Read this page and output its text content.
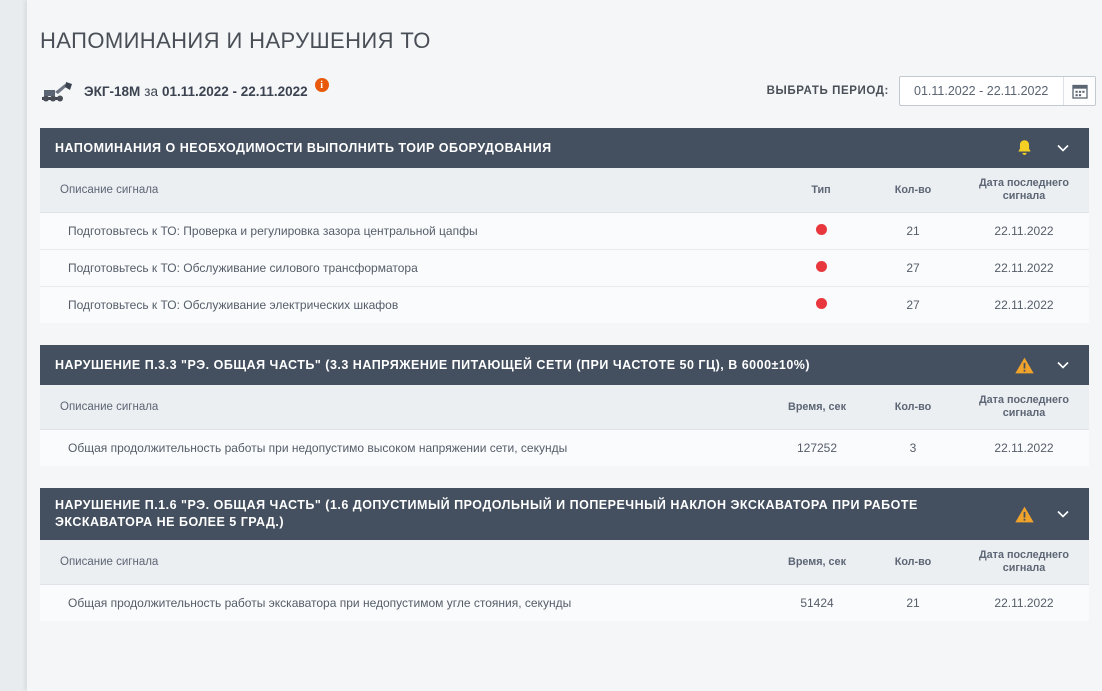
НАПОМИНАНИЯ И НАРУШЕНИЯ ТО
ЭКГ-18М за 01.11.2022 - 22.11.2022	i	ВЫБРАТЬ ПЕРИОД:	01.11.2022 - 22.11.2022
НАПОМИНАНИЯ О НЕОБХОДИМОСТИ ВЫПОЛНИТЬ ТОИР ОБОРУДОВАНИЯ
Описание сигнала	Тип	Кол-во	Дата последнего сигнала
Подготовьтесь к ТО: Проверка и регулировка зазора центральной цапфы		21	22.11.2022
Подготовьтесь к ТО: Обслуживание силового трансформатора		27	22.11.2022
Подготовьтесь к ТО: Обслуживание электрических шкафов		27	22.11.2022
НАРУШЕНИЕ П.3.3 "РЭ. ОБЩАЯ ЧАСТЬ" (3.3 НАПРЯЖЕНИЕ ПИТАЮЩЕЙ СЕТИ (ПРИ ЧАСТОТЕ 50 ГЦ), В 6000±10%)
Описание сигнала	Время, сек	Кол-во	Дата последнего сигнала
Общая продолжительность работы при недопустимо высоком напряжении сети, секунды	127252	3	22.11.2022
НАРУШЕНИЕ П.1.6 "РЭ. ОБЩАЯ ЧАСТЬ" (1.6 ДОПУСТИМЫЙ ПРОДОЛЬНЫЙ И ПОПЕРЕЧНЫЙ НАКЛОН ЭКСКАВАТОРА ПРИ РАБОТЕ ЭКСКАВАТОРА НЕ БОЛЕЕ 5 ГРАД.)
Описание сигнала	Время, сек	Кол-во	Дата последнего сигнала
Общая продолжительность работы экскаватора при недопустимом угле стояния, секунды	51424	21	22.11.2022
